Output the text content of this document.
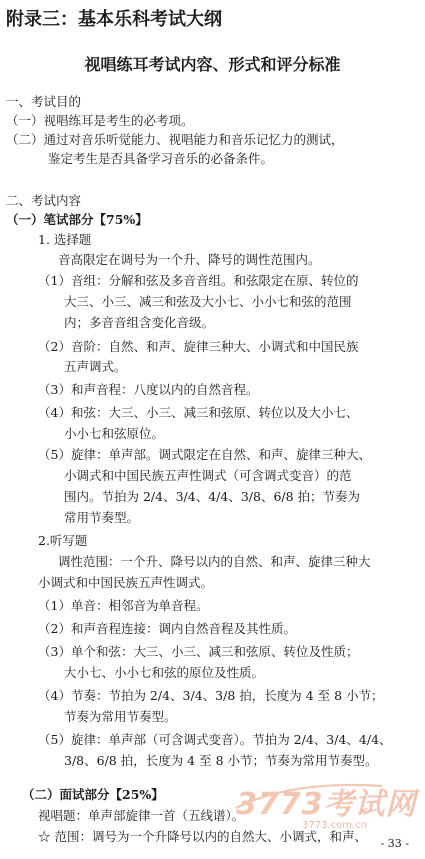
附录三：基本乐科考试大纲
视唱练耳考试内容、形式和评分标准
一、考试目的
（一）视唱练耳是考生的必考项。
（二）通过对音乐听觉能力、视唱能力和音乐记忆力的测试，
鉴定考生是否具备学习音乐的必备条件。
二、考试内容
（一）笔试部分【75%】
1. 选择题
音高限定在调号为一个升、降号的调性范围内。
（1）音组：分解和弦及多音音组。和弦限定在原、转位的
大三、小三、减三和弦及大小七、小小七和弦的范围
内；多音音组含变化音级。
（2）音阶：自然、和声、旋律三种大、小调式和中国民族
五声调式。
（3）和声音程：八度以内的自然音程。
（4）和弦：大三、小三、减三和弦原、转位以及大小七、
小小七和弦原位。
（5）旋律：单声部。调式限定在自然、和声、旋律三种大、
小调式和中国民族五声性调式（可含调式变音）的范
围内。节拍为 2/4、3/4、4/4、3/8、6/8 拍；节奏为
常用节奏型。
2.听写题
调性范围：一个升、降号以内的自然、和声、旋律三种大
小调式和中国民族五声性调式。
（1）单音：相邻音为单音程。
（2）和声音程连接：调内自然音程及其性质。
（3）单个和弦：大三、小三、减三和弦原、转位及性质；
大小七、小小七和弦的原位及性质。
（4）节奏：节拍为 2/4、3/4、3/8 拍，长度为 4 至 8 小节；
节奏为常用节奏型。
（5）旋律：单声部（可含调式变音）。节拍为 2/4、3/4、4/4、
3/8、6/8 拍，长度为 4 至 8 小节；节奏为常用节奏型。
（二）面试部分【25%】
视唱题：单声部旋律一首（五线谱）。
☆ 范围：调号为一个升降号以内的自然大、小调式，和声、
3773考试网
3773.com.cn
- 33 -
